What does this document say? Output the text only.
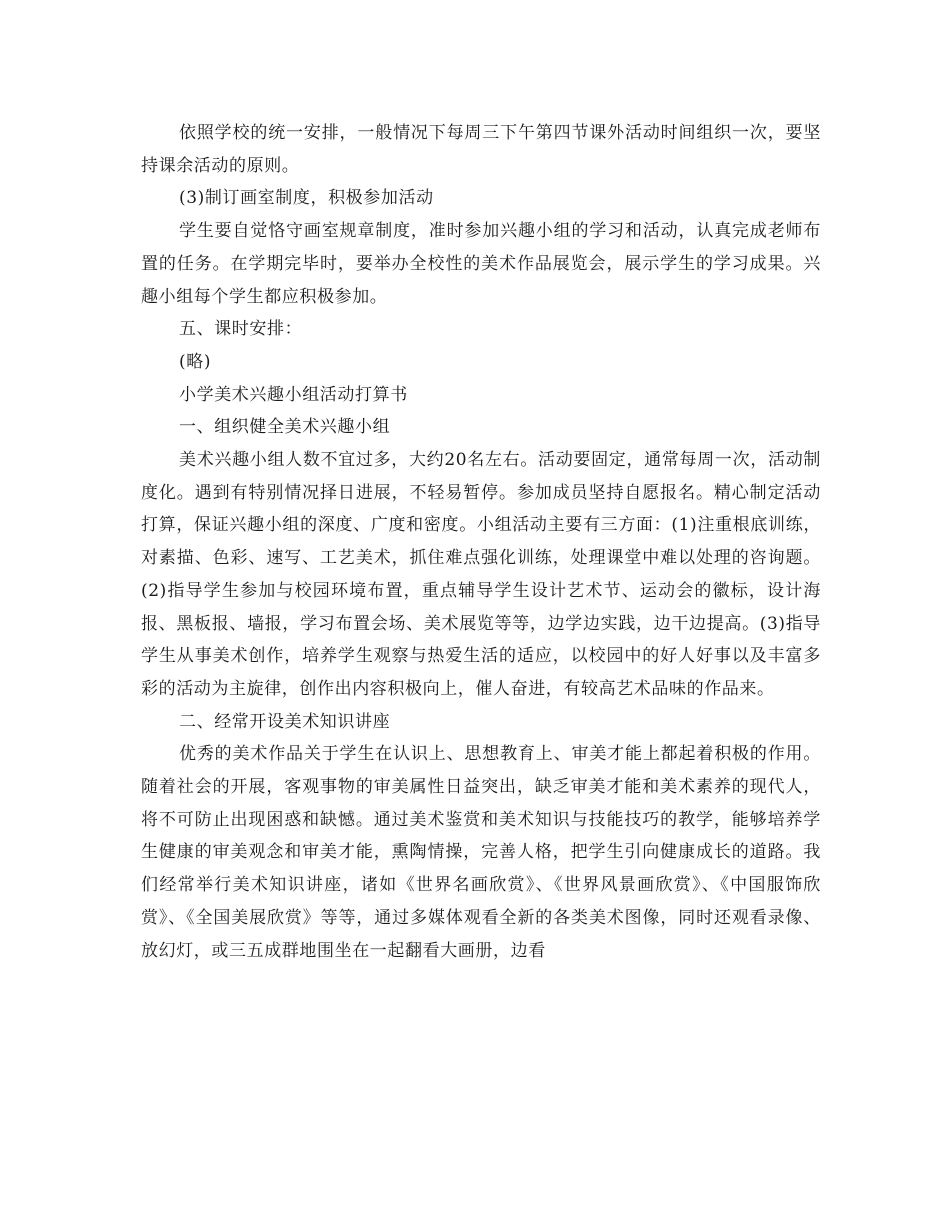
依照学校的统一安排，一般情况下每周三下午第四节课外活动时间组织一次，要坚持课余活动的原则。

(3)制订画室制度，积极参加活动

学生要自觉恪守画室规章制度，准时参加兴趣小组的学习和活动，认真完成老师布置的任务。在学期完毕时，要举办全校性的美术作品展览会，展示学生的学习成果。兴趣小组每个学生都应积极参加。

五、课时安排：

(略)

小学美术兴趣小组活动打算书

一、组织健全美术兴趣小组

美术兴趣小组人数不宜过多，大约20名左右。活动要固定，通常每周一次，活动制度化。遇到有特别情况择日进展，不轻易暂停。参加成员坚持自愿报名。精心制定活动打算，保证兴趣小组的深度、广度和密度。小组活动主要有三方面：(1)注重根底训练，对素描、色彩、速写、工艺美术，抓住难点强化训练，处理课堂中难以处理的咨询题。(2)指导学生参加与校园环境布置，重点辅导学生设计艺术节、运动会的徽标，设计海报、黑板报、墙报，学习布置会场、美术展览等等，边学边实践，边干边提高。(3)指导学生从事美术创作，培养学生观察与热爱生活的适应，以校园中的好人好事以及丰富多彩的活动为主旋律，创作出内容积极向上，催人奋进，有较高艺术品味的作品来。

二、经常开设美术知识讲座

优秀的美术作品关于学生在认识上、思想教育上、审美才能上都起着积极的作用。随着社会的开展，客观事物的审美属性日益突出，缺乏审美才能和美术素养的现代人，将不可防止出现困惑和缺憾。通过美术鉴赏和美术知识与技能技巧的教学，能够培养学生健康的审美观念和审美才能，熏陶情操，完善人格，把学生引向健康成长的道路。我们经常举行美术知识讲座，诸如《世界名画欣赏》、《世界风景画欣赏》、《中国服饰欣赏》、《全国美展欣赏》等等，通过多媒体观看全新的各类美术图像，同时还观看录像、放幻灯，或三五成群地围坐在一起翻看大画册，边看
